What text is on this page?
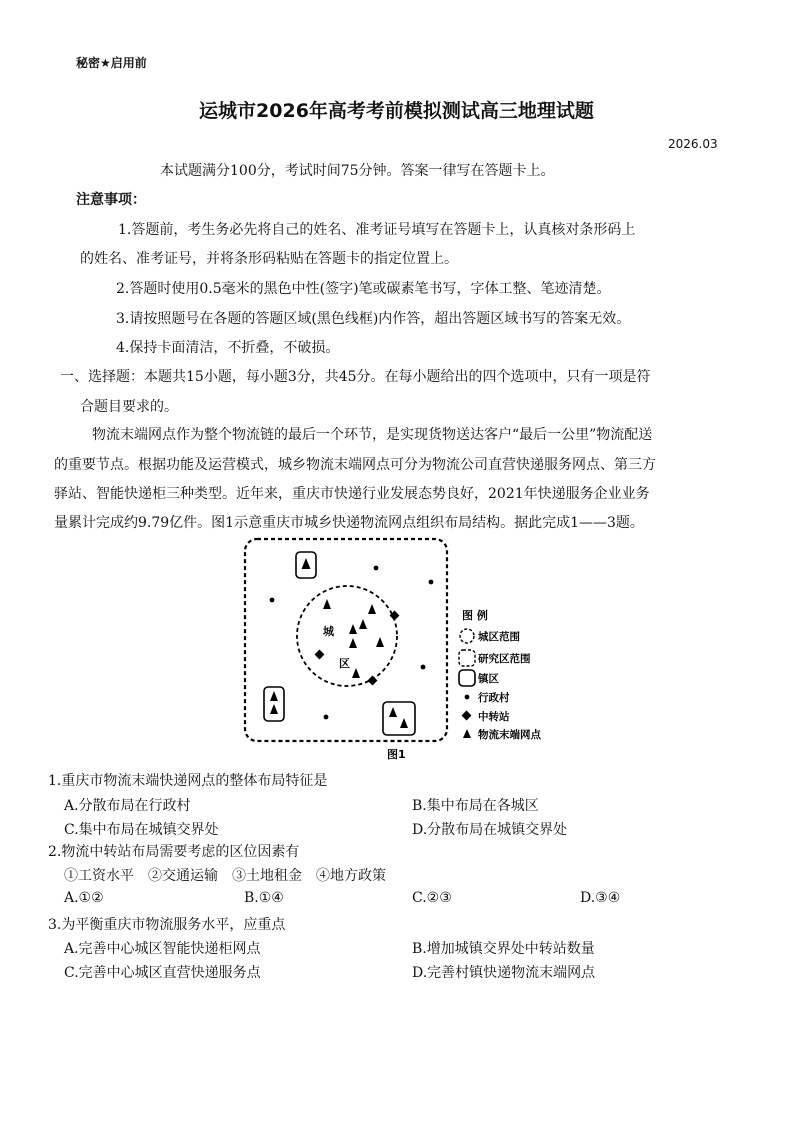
秘密★启用前
运城市2026年高考考前模拟测试高三地理试题
2026.03
本试题满分100分，考试时间75分钟。答案一律写在答题卡上。
注意事项：
1.答题前，考生务必先将自己的姓名、准考证号填写在答题卡上，认真核对条形码上
的姓名、准考证号，并将条形码粘贴在答题卡的指定位置上。
2.答题时使用0.5毫米的黑色中性(签字)笔或碳素笔书写，字体工整、笔迹清楚。
3.请按照题号在各题的答题区域(黑色线框)内作答，超出答题区域书写的答案无效。
4.保持卡面清洁，不折叠，不破损。
一、选择题：本题共15小题，每小题3分，共45分。在每小题给出的四个选项中，只有一项是符
合题目要求的。
物流末端网点作为整个物流链的最后一个环节，是实现货物送达客户“最后一公里”物流配送
的重要节点。根据功能及运营模式，城乡物流末端网点可分为物流公司直营快递服务网点、第三方
驿站、智能快递柜三种类型。近年来，重庆市快递行业发展态势良好，2021年快递服务企业业务
量累计完成约9.79亿件。图1示意重庆市城乡快递物流网点组织布局结构。据此完成1——3题。
城
区
图1
图 例
城区范围
研究区范围
镇区
行政村
中转站
物流末端网点
1.重庆市物流末端快递网点的整体布局特征是
A.分散布局在行政村	B.集中布局在各城区
C.集中布局在城镇交界处	D.分散布局在城镇交界处
2.物流中转站布局需要考虑的区位因素有
①工资水平　②交通运输　③土地租金　④地方政策
A.①②	B.①④	C.②③	D.③④
3.为平衡重庆市物流服务水平，应重点
A.完善中心城区智能快递柜网点	B.增加城镇交界处中转站数量
C.完善中心城区直营快递服务点	D.完善村镇快递物流末端网点
